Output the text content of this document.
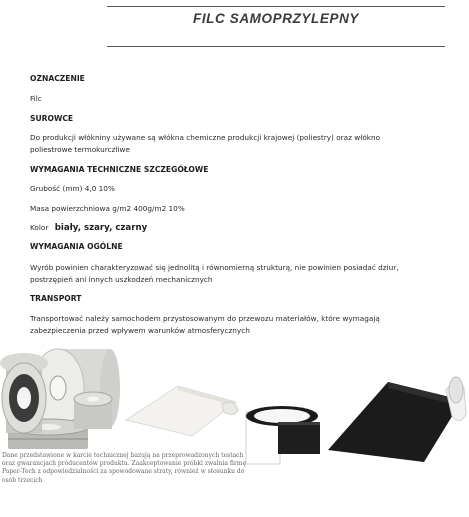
FILC SAMOPRZYLEPNY
OZNACZENIE
Filc
SUROWCE
Do produkcji włókniny używane są włókna chemiczne produkcji krajowej (poliestry) oraz włókno
poliestrowe termokurczliwe
WYMAGANIA TECHNICZNE SZCZEGÓŁOWE
Grubość (mm) 4,0 10%
Masa powierzchniowa g/m2 400g/m2 10%
Kolor biały, szary, czarny
WYMAGANIA OGÓLNE
Wyrób powinien charakteryzować się jednolitą i równomierną strukturą, nie powinien posiadać dziur,
postrzępień ani innych uszkodzeń mechanicznych
TRANSPORT
Transportować należy samochodem przystosowanym do przewozu materiałów, które wymagają
zabezpieczenia przed wpływem warunków atmosferycznych
Dane przedstawione w karcie technicznej bazują na przeprowadzonych testach
oraz gwarancjach producentów produktu. Zaakceptowanie próbki zwalnia firmę
Paper-Tech z odpowiedzialności za spowodowane straty, również w stosunku do
osób trzecich
